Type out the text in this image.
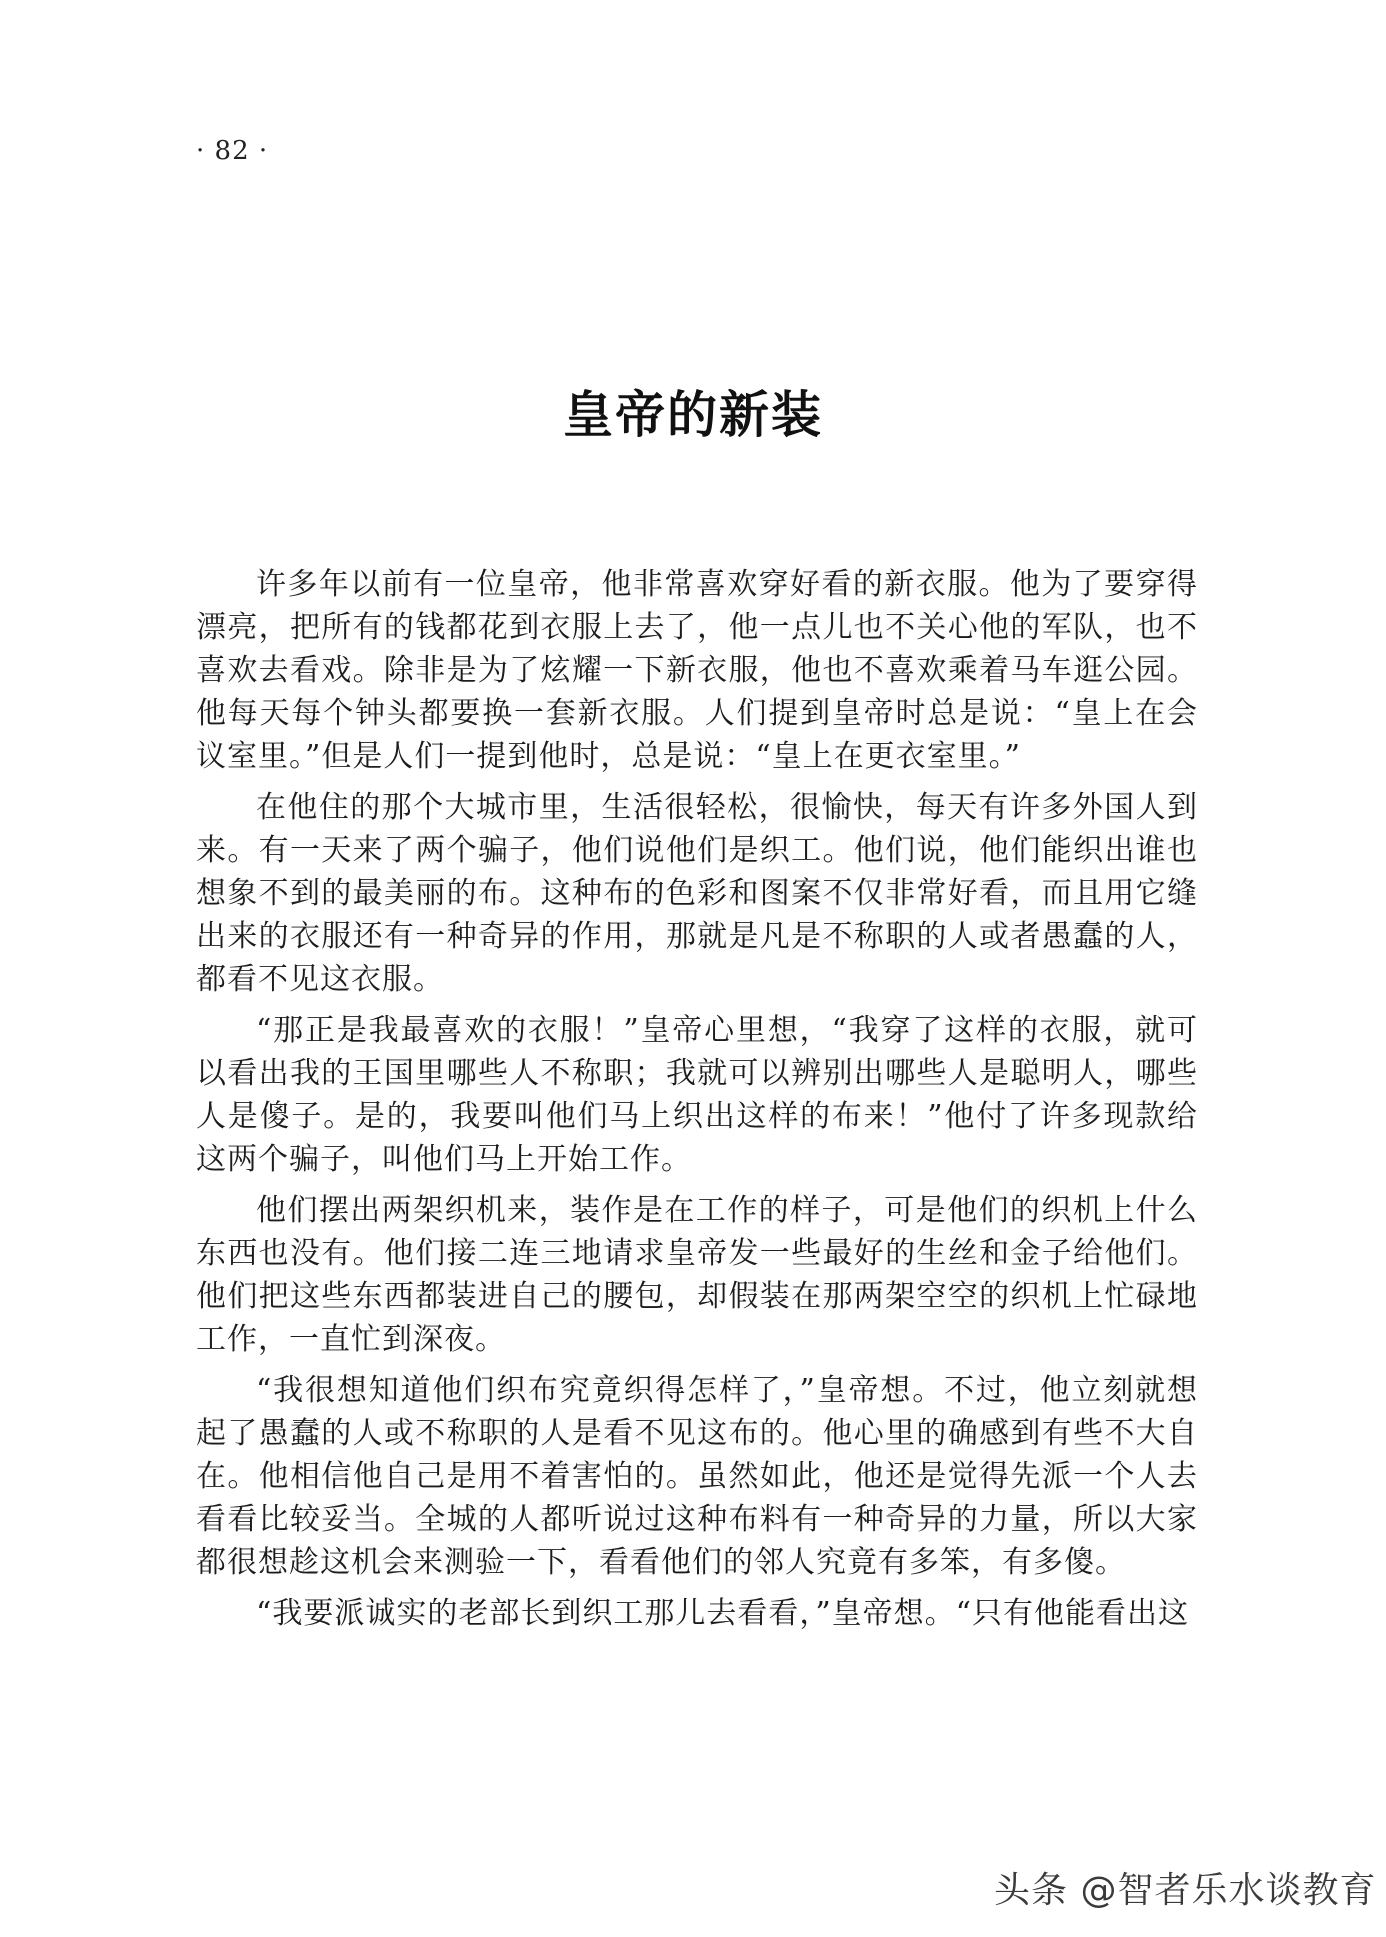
· 82 ·
皇帝的新装

许多年以前有一位皇帝，他非常喜欢穿好看的新衣服。他为了要穿得漂亮，把所有的钱都花到衣服上去了，他一点儿也不关心他的军队，也不喜欢去看戏。除非是为了炫耀一下新衣服，他也不喜欢乘着马车逛公园。他每天每个钟头都要换一套新衣服。人们提到皇帝时总是说：“皇上在会议室里。”但是人们一提到他时，总是说：“皇上在更衣室里。”

在他住的那个大城市里，生活很轻松，很愉快，每天有许多外国人到来。有一天来了两个骗子，他们说他们是织工。他们说，他们能织出谁也想象不到的最美丽的布。这种布的色彩和图案不仅非常好看，而且用它缝出来的衣服还有一种奇异的作用，那就是凡是不称职的人或者愚蠢的人，都看不见这衣服。

“那正是我最喜欢的衣服！”皇帝心里想，“我穿了这样的衣服，就可以看出我的王国里哪些人不称职；我就可以辨别出哪些人是聪明人，哪些人是傻子。是的，我要叫他们马上织出这样的布来！”他付了许多现款给这两个骗子，叫他们马上开始工作。

他们摆出两架织机来，装作是在工作的样子，可是他们的织机上什么东西也没有。他们接二连三地请求皇帝发一些最好的生丝和金子给他们。他们把这些东西都装进自己的腰包，却假装在那两架空空的织机上忙碌地工作，一直忙到深夜。

“我很想知道他们织布究竟织得怎样了，”皇帝想。不过，他立刻就想起了愚蠢的人或不称职的人是看不见这布的。他心里的确感到有些不大自在。他相信他自己是用不着害怕的。虽然如此，他还是觉得先派一个人去看看比较妥当。全城的人都听说过这种布料有一种奇异的力量，所以大家都很想趁这机会来测验一下，看看他们的邻人究竟有多笨，有多傻。

“我要派诚实的老部长到织工那儿去看看，”皇帝想。“只有他能看出这

头条 @智者乐水谈教育
